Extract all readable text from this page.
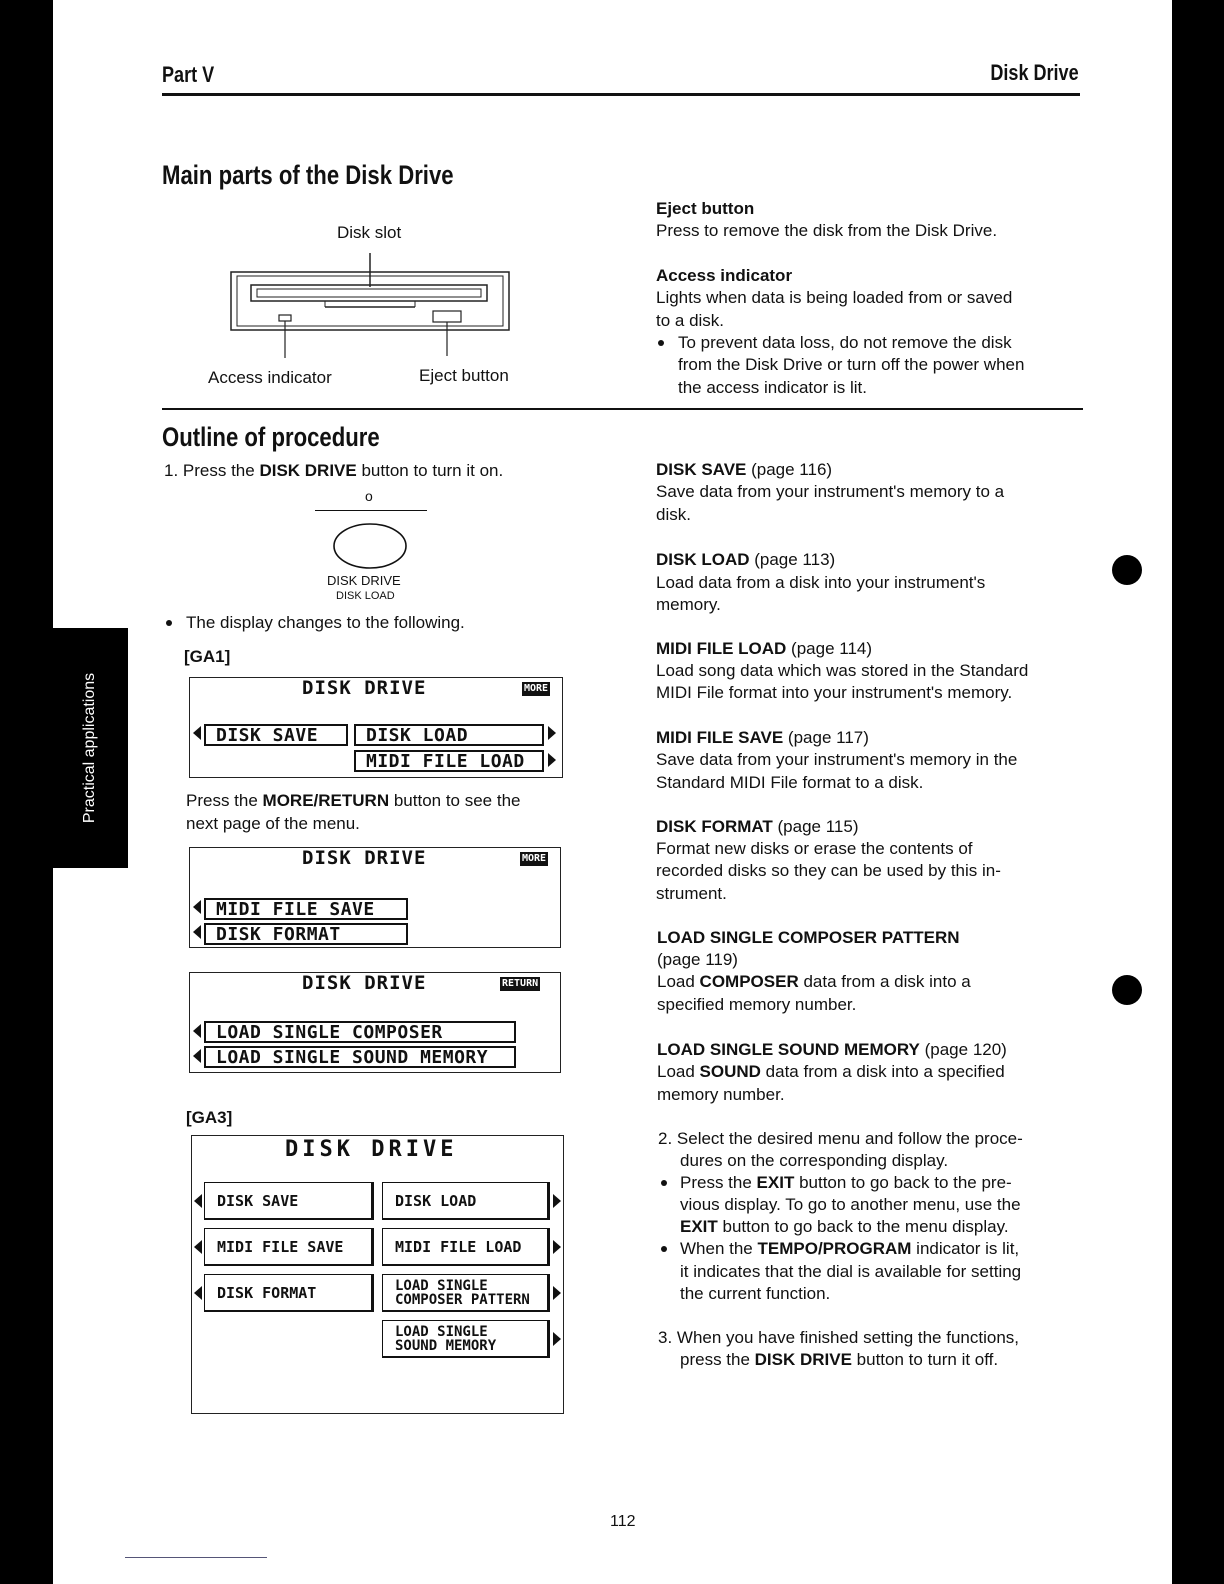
Practical applications
Part V	Disk Drive
Main parts of the Disk Drive
Disk slot
Access indicator	Eject button
Eject button
Press to remove the disk from the Disk Drive.
Access indicator
Lights when data is being loaded from or saved
to a disk.
To prevent data loss, do not remove the disk
from the Disk Drive or turn off the power when
the access indicator is lit.
Outline of procedure
1. Press the DISK DRIVE button to turn it on.
o
DISK DRIVE
DISK LOAD
The display changes to the following.
[GA1]
DISK DRIVE	MORE
DISK SAVE	DISK LOAD
MIDI FILE LOAD
Press the MORE/RETURN button to see the
next page of the menu.
DISK DRIVE	MORE
MIDI FILE SAVE
DISK FORMAT
DISK DRIVE	RETURN
LOAD SINGLE COMPOSER
LOAD SINGLE SOUND MEMORY
[GA3]
DISK DRIVE
DISK SAVE	DISK LOAD
MIDI FILE SAVE	MIDI FILE LOAD
DISK FORMAT	LOAD SINGLE
COMPOSER PATTERN
LOAD SINGLE
SOUND MEMORY
DISK SAVE (page 116)
Save data from your instrument's memory to a
disk.
DISK LOAD (page 113)
Load data from a disk into your instrument's
memory.
MIDI FILE LOAD (page 114)
Load song data which was stored in the Standard
MIDI File format into your instrument's memory.
MIDI FILE SAVE (page 117)
Save data from your instrument's memory in the
Standard MIDI File format to a disk.
DISK FORMAT (page 115)
Format new disks or erase the contents of
recorded disks so they can be used by this in-
strument.
LOAD SINGLE COMPOSER PATTERN
(page 119)
Load COMPOSER data from a disk into a
specified memory number.
LOAD SINGLE SOUND MEMORY (page 120)
Load SOUND data from a disk into a specified
memory number.
2. Select the desired menu and follow the proce-
dures on the corresponding display.
Press the EXIT button to go back to the pre-
vious display. To go to another menu, use the
EXIT button to go back to the menu display.
When the TEMPO/PROGRAM indicator is lit,
it indicates that the dial is available for setting
the current function.
3. When you have finished setting the functions,
press the DISK DRIVE button to turn it off.
112
